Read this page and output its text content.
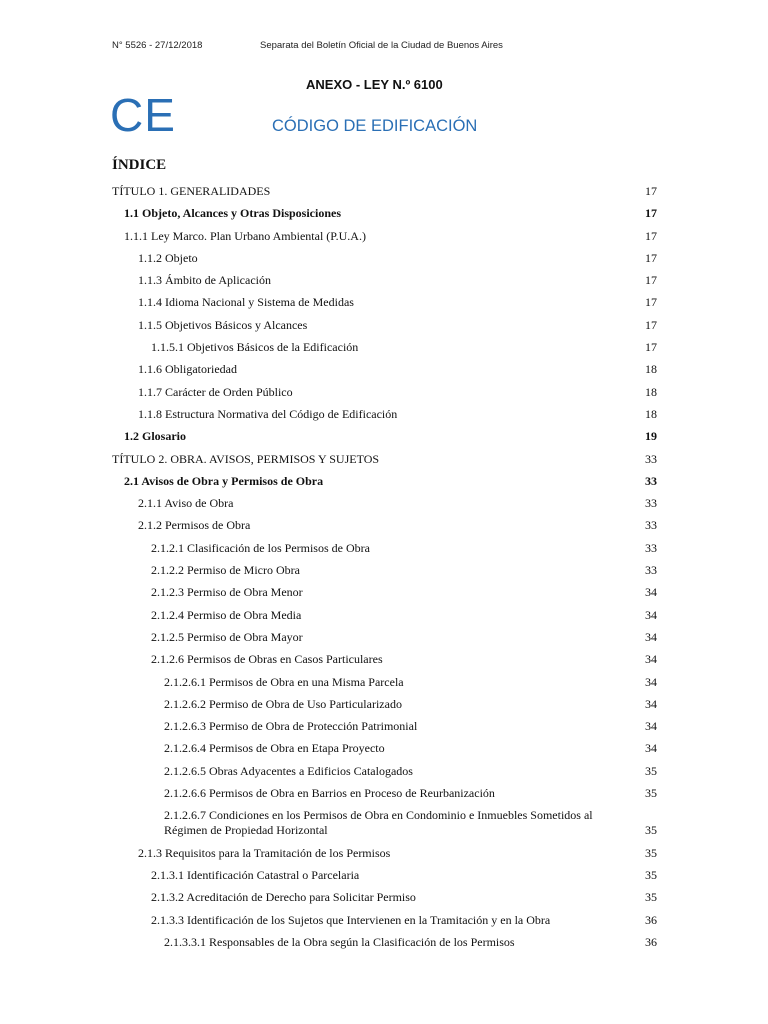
N° 5526 - 27/12/2018	Separata del Boletín Oficial de la Ciudad de Buenos Aires
ANEXO - LEY N.º 6100
CE	CÓDIGO DE EDIFICACIÓN
ÍNDICE
TÍTULO 1. GENERALIDADES	17
1.1 Objeto, Alcances y Otras Disposiciones	17
1.1.1 Ley Marco. Plan Urbano Ambiental (P.U.A.)	17
1.1.2 Objeto	17
1.1.3 Ámbito de Aplicación	17
1.1.4 Idioma Nacional y Sistema de Medidas	17
1.1.5 Objetivos Básicos y Alcances	17
1.1.5.1 Objetivos Básicos de la Edificación	17
1.1.6 Obligatoriedad	18
1.1.7 Carácter de Orden Público	18
1.1.8 Estructura Normativa del Código de Edificación	18
1.2 Glosario	19
TÍTULO 2. OBRA. AVISOS, PERMISOS Y SUJETOS	33
2.1 Avisos de Obra y Permisos de Obra	33
2.1.1 Aviso de Obra	33
2.1.2 Permisos de Obra	33
2.1.2.1 Clasificación de los Permisos de Obra	33
2.1.2.2 Permiso de Micro Obra	33
2.1.2.3 Permiso de Obra Menor	34
2.1.2.4 Permiso de Obra Media	34
2.1.2.5 Permiso de Obra Mayor	34
2.1.2.6 Permisos de Obras en Casos Particulares	34
2.1.2.6.1 Permisos de Obra en una Misma Parcela	34
2.1.2.6.2 Permiso de Obra de Uso Particularizado	34
2.1.2.6.3 Permiso de Obra de Protección Patrimonial	34
2.1.2.6.4 Permisos de Obra en Etapa Proyecto	34
2.1.2.6.5 Obras Adyacentes a Edificios Catalogados	35
2.1.2.6.6 Permisos de Obra en Barrios en Proceso de Reurbanización	35
2.1.2.6.7 Condiciones en los Permisos de Obra en Condominio e Inmuebles Sometidos al Régimen de Propiedad Horizontal	35
2.1.3 Requisitos para la Tramitación de los Permisos	35
2.1.3.1 Identificación Catastral o Parcelaria	35
2.1.3.2 Acreditación de Derecho para Solicitar Permiso	35
2.1.3.3 Identificación de los Sujetos que Intervienen en la Tramitación y en la Obra	36
2.1.3.3.1 Responsables de la Obra según la Clasificación de los Permisos	36
